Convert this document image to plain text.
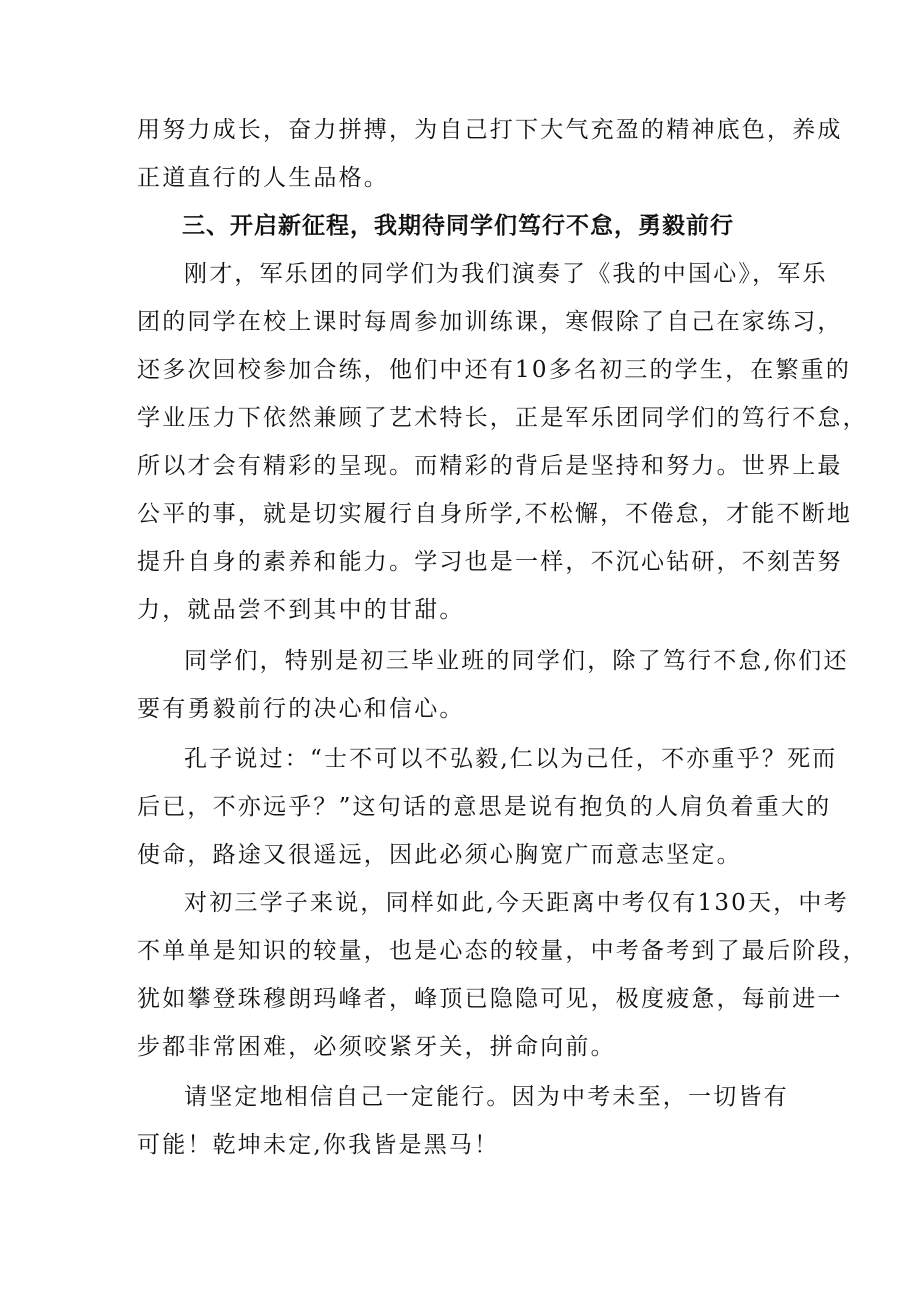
用努力成长，奋力拼搏，为自己打下大气充盈的精神底色，养成
正道直行的人生品格。
三、开启新征程，我期待同学们笃行不怠，勇毅前行
刚才，军乐团的同学们为我们演奏了《我的中国心》，军乐
团的同学在校上课时每周参加训练课，寒假除了自己在家练习，
还多次回校参加合练，他们中还有10多名初三的学生，在繁重的
学业压力下依然兼顾了艺术特长，正是军乐团同学们的笃行不怠，
所以才会有精彩的呈现。而精彩的背后是坚持和努力。世界上最
公平的事，就是切实履行自身所学,不松懈，不倦怠，才能不断地
提升自身的素养和能力。学习也是一样，不沉心钻研，不刻苦努
力，就品尝不到其中的甘甜。
同学们，特别是初三毕业班的同学们，除了笃行不怠,你们还
要有勇毅前行的决心和信心。
孔子说过：“士不可以不弘毅,仁以为己任，不亦重乎？死而
后已，不亦远乎？”这句话的意思是说有抱负的人肩负着重大的
使命，路途又很遥远，因此必须心胸宽广而意志坚定。
对初三学子来说，同样如此,今天距离中考仅有130天，中考
不单单是知识的较量，也是心态的较量，中考备考到了最后阶段，
犹如攀登珠穆朗玛峰者，峰顶已隐隐可见，极度疲惫，每前进一
步都非常困难，必须咬紧牙关，拼命向前。
请坚定地相信自己一定能行。因为中考未至，一切皆有
可能！乾坤未定,你我皆是黑马！
